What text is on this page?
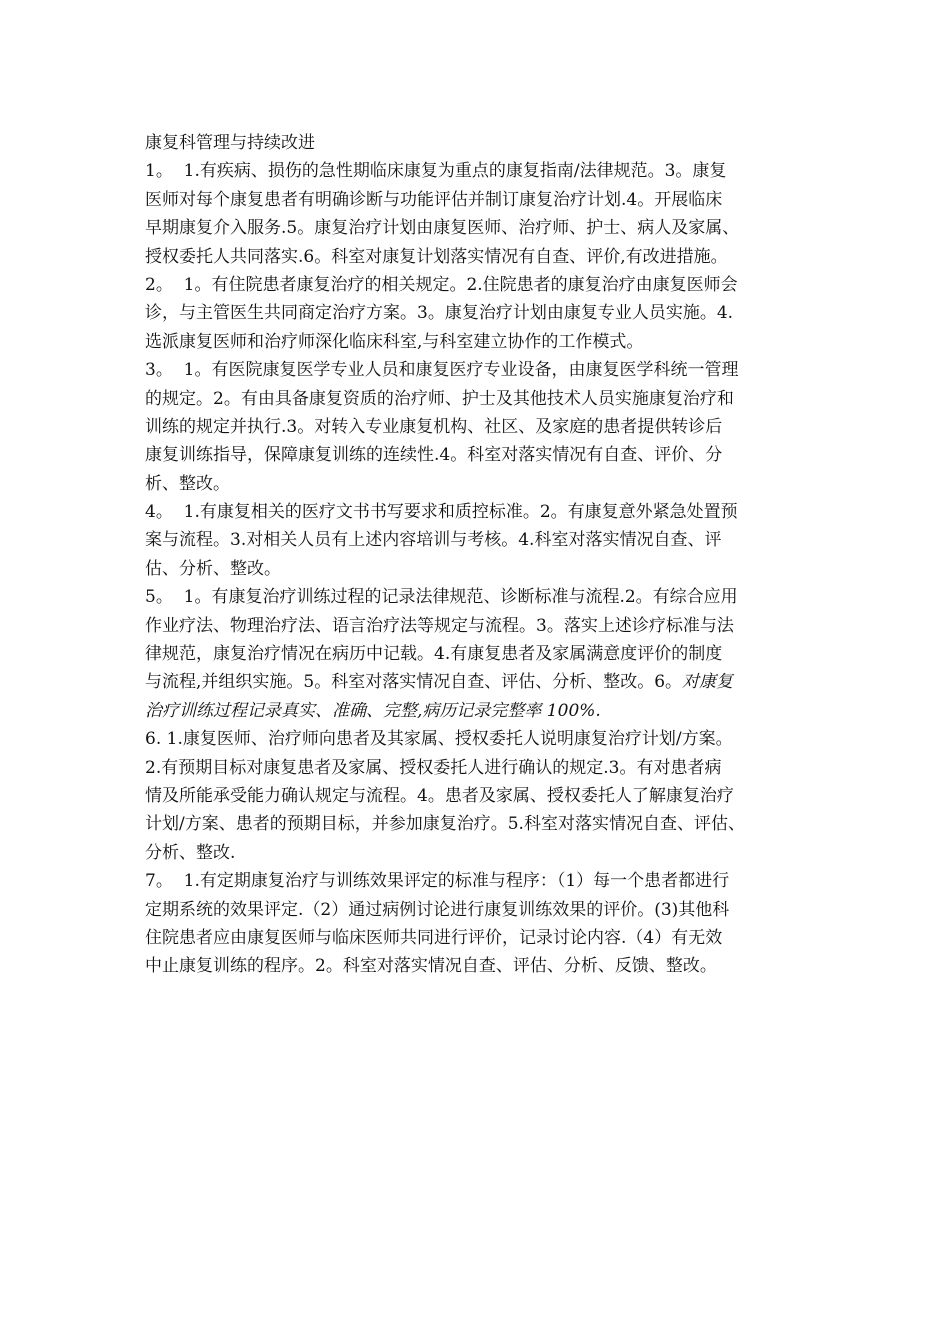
康复科管理与持续改进
1。  1.有疾病、损伤的急性期临床康复为重点的康复指南/法律规范。3。康复
医师对每个康复患者有明确诊断与功能评估并制订康复治疗计划.4。开展临床
早期康复介入服务.5。康复治疗计划由康复医师、治疗师、护士、病人及家属、
授权委托人共同落实.6。科室对康复计划落实情况有自查、评价,有改进措施。
2。  1。有住院患者康复治疗的相关规定。2.住院患者的康复治疗由康复医师会
诊，与主管医生共同商定治疗方案。3。康复治疗计划由康复专业人员实施。4.
选派康复医师和治疗师深化临床科室,与科室建立协作的工作模式。
3。  1。有医院康复医学专业人员和康复医疗专业设备，由康复医学科统一管理
的规定。2。有由具备康复资质的治疗师、护士及其他技术人员实施康复治疗和
训练的规定并执行.3。对转入专业康复机构、社区、及家庭的患者提供转诊后
康复训练指导，保障康复训练的连续性.4。科室对落实情况有自查、评价、分
析、整改。
4。  1.有康复相关的医疗文书书写要求和质控标准。2。有康复意外紧急处置预
案与流程。3.对相关人员有上述内容培训与考核。4.科室对落实情况自查、评
估、分析、整改。
5。  1。有康复治疗训练过程的记录法律规范、诊断标准与流程.2。有综合应用
作业疗法、物理治疗法、语言治疗法等规定与流程。3。落实上述诊疗标准与法
律规范，康复治疗情况在病历中记载。4.有康复患者及家属满意度评价的制度
与流程,并组织实施。5。科室对落实情况自查、评估、分析、整改。6。对康复
治疗训练过程记录真实、准确、完整,病历记录完整率 100%.
6. 1.康复医师、治疗师向患者及其家属、授权委托人说明康复治疗计划/方案。
2.有预期目标对康复患者及家属、授权委托人进行确认的规定.3。有对患者病
情及所能承受能力确认规定与流程。4。患者及家属、授权委托人了解康复治疗
计划/方案、患者的预期目标，并参加康复治疗。5.科室对落实情况自查、评估、
分析、整改.
7。  1.有定期康复治疗与训练效果评定的标准与程序：（1）每一个患者都进行
定期系统的效果评定.（2）通过病例讨论进行康复训练效果的评价。(3)其他科
住院患者应由康复医师与临床医师共同进行评价，记录讨论内容.（4）有无效
中止康复训练的程序。2。科室对落实情况自查、评估、分析、反馈、整改。
